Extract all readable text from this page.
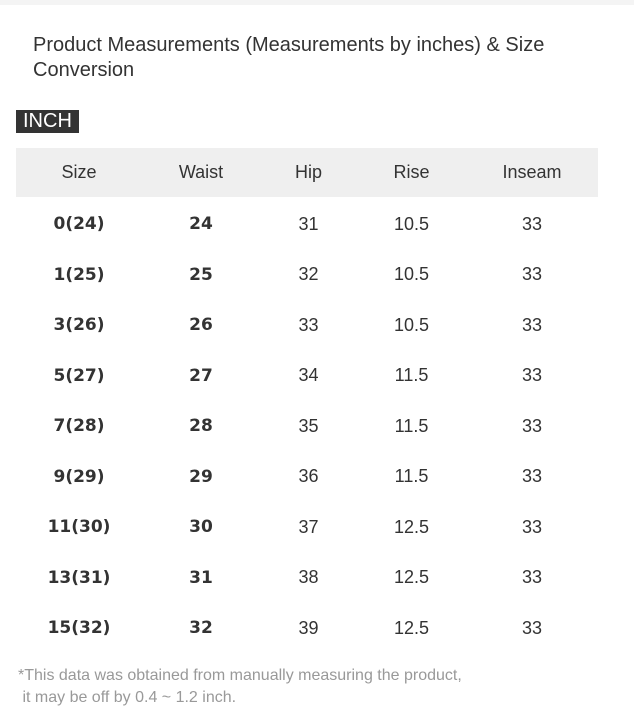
Product Measurements (Measurements by inches) & Size Conversion
INCH
Size	Waist	Hip	Rise	Inseam
0(24)	24	31	10.5	33
1(25)	25	32	10.5	33
3(26)	26	33	10.5	33
5(27)	27	34	11.5	33
7(28)	28	35	11.5	33
9(29)	29	36	11.5	33
11(30)	30	37	12.5	33
13(31)	31	38	12.5	33
15(32)	32	39	12.5	33

*This data was obtained from manually measuring the product,
it may be off by 0.4 ~ 1.2 inch.
